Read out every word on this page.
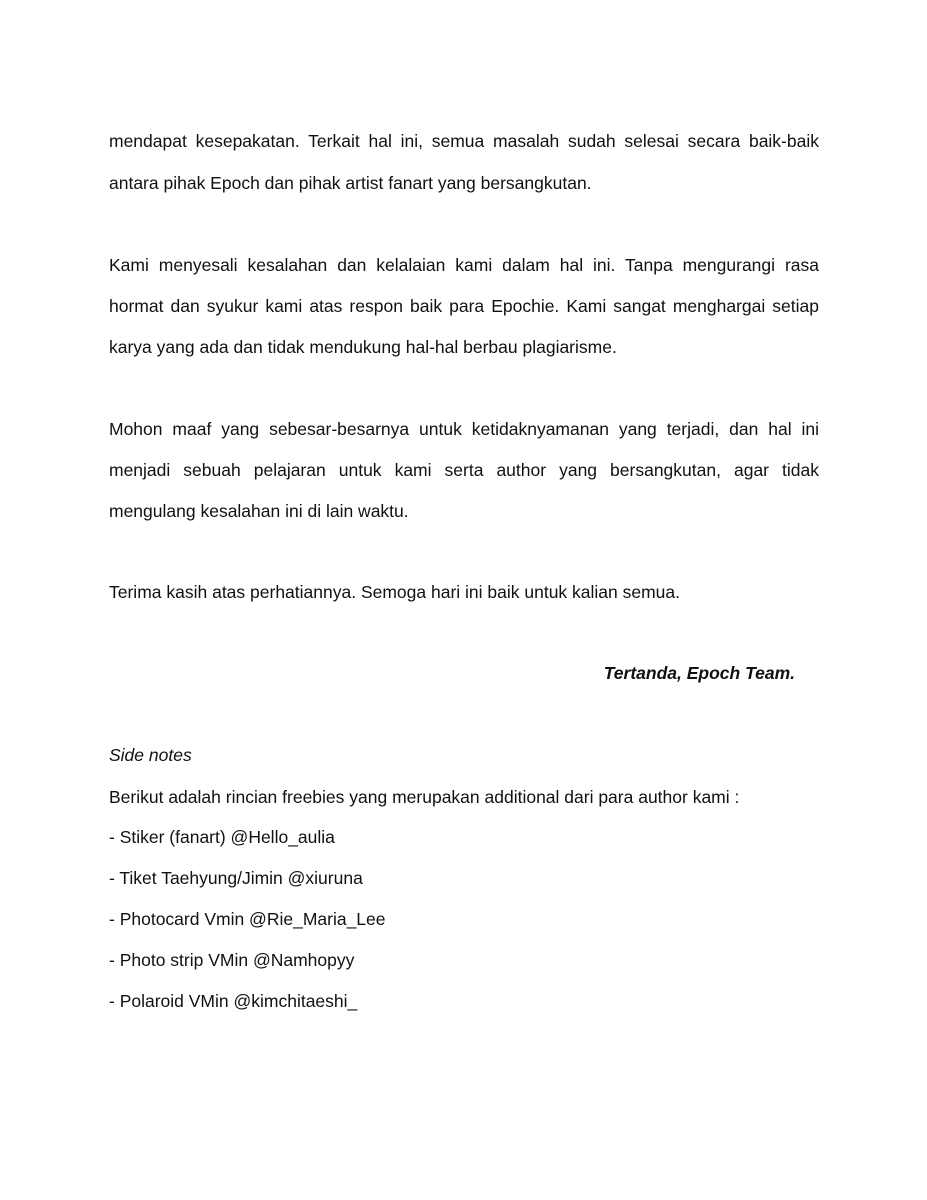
mendapat kesepakatan. Terkait hal ini, semua masalah sudah selesai secara baik-baik
antara pihak Epoch dan pihak artist fanart yang bersangkutan.
Kami menyesali kesalahan dan kelalaian kami dalam hal ini. Tanpa mengurangi rasa
hormat dan syukur kami atas respon baik para Epochie. Kami sangat menghargai setiap
karya yang ada dan tidak mendukung hal-hal berbau plagiarisme.
Mohon maaf yang sebesar-besarnya untuk ketidaknyamanan yang terjadi, dan hal ini
menjadi sebuah pelajaran untuk kami serta author yang bersangkutan, agar tidak
mengulang kesalahan ini di lain waktu.
Terima kasih atas perhatiannya. Semoga hari ini baik untuk kalian semua.
Tertanda, Epoch Team.
Side notes
Berikut adalah rincian freebies yang merupakan additional dari para author kami :
- Stiker (fanart) @Hello_aulia
- Tiket Taehyung/Jimin @xiuruna
- Photocard Vmin @Rie_Maria_Lee
- Photo strip VMin @Namhopyy
- Polaroid VMin @kimchitaeshi_
